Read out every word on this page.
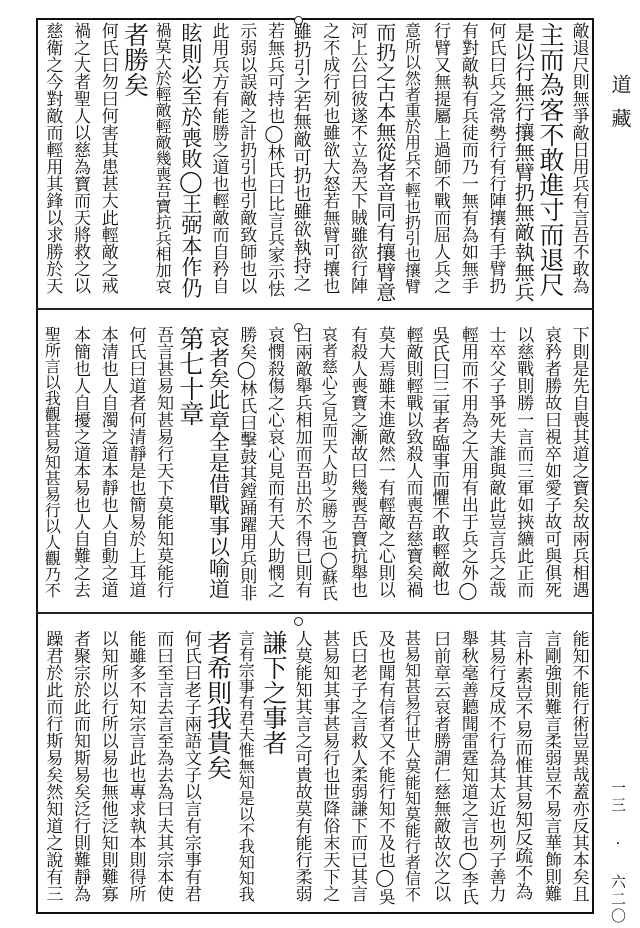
敵退尺則無爭敵日用兵有言吾不敢為
主而為客不敢進寸而退尺
是以行無行攘無臂扔無敵執無兵
何氏曰兵之常勢行有行陣攘有手臂扔
有對敵執有兵徒而乃一無有為如無手
行臂又無提屬上過師不戰而屈人兵之
意所以然者重於用兵不輕也扔引也攘臂
而扔之古本無從者音同有攘臂意
河上公曰彼遂不立為天下賊雖欲行陣
之不成行列也雖欲大怒若無臂可攘也
雖扔引之若無敵可扔也雖欲執持之
若無兵可持也◯林氏曰比言兵家示怯
示弱以誤敵之計扔引也引敵致師也以
此用兵方有能勝之道也輕敵而自矜自
眩則必至於喪敗◯王弼本作仍
禍莫大於輕敵輕敵幾喪吾寶抗兵相加哀
者勝矣
何氏曰勿曰何害其患甚大此輕敵之戒
禍之大者聖人以慈為寶而天將救之以
慈衛之今對敵而輕用其鋒以求勝於天
下則是先自喪其道之寶矣故兩兵相遇
哀矜者勝故曰視卒如愛子故可與俱死
以慈戰則勝一言而三軍如挾纊此正而
士卒父子爭死夫誰與敵此豈言兵之哉
輕用而不用為之大用有出于兵之外◯
吳氏曰三軍者臨事而懼不敢輕敵也
輕敵則輕戰以致殺人而喪吾慈寶矣禍
莫大焉雖未進敵然一有輕敵之心則以
有殺人喪寶之漸故曰幾喪吾寶抗舉也
哀者慈心之見而天人助之勝之也◯蘇氏
曰兩敵舉兵相加而吾出於不得已則有
哀憫殺傷之心哀心見而有天人助憫之
勝矣◯林氏曰擊鼓其鏜踊躍用兵則非
哀者矣此章全是借戰事以喻道
第七十章
吾言甚易知甚易行天下莫能知莫能行
何氏曰道者何清靜是也簡易於上耳道
本清也人自濁之道本靜也人自動之道
本簡也人自擾之道本易也人自難之去
聖所言以我觀甚易知甚易行以人觀乃不
能知不能行術豈異哉蓋亦反其本矣且
言剛強則難言柔弱豈不易言華飾則難
言朴素豈不易而惟其易知反疏不為
其易行反成不行為其太近也列子善力
舉秋毫善聽聞雷霆知道之言也◯李氏
曰前章云哀者勝謂仁慈無敵故次之以
甚易知甚易行世人莫能知莫能行者信不
及也聞有信者又不能行知不及也◯吳
氏曰老子之言救人柔弱謙下而已其言
甚易知其事甚易行也世降俗末天下之
人莫能知其言之可貴故莫有能行柔弱
謙下之事者
言有宗事有君夫惟無知是以不我知知我
者希則我貴矣
何氏曰老子兩語文子以言有宗事有君
而曰至言去言至為去為曰夫其宗本使
能雖多不知宗言此也專求執本則得所
以知所以行所以易也無他泛知則難寡
者聚宗於此而知斯易矣泛行則難靜為
躁君於此而行斯易矣然知道之說有三
道藏
一三 · 六二〇
